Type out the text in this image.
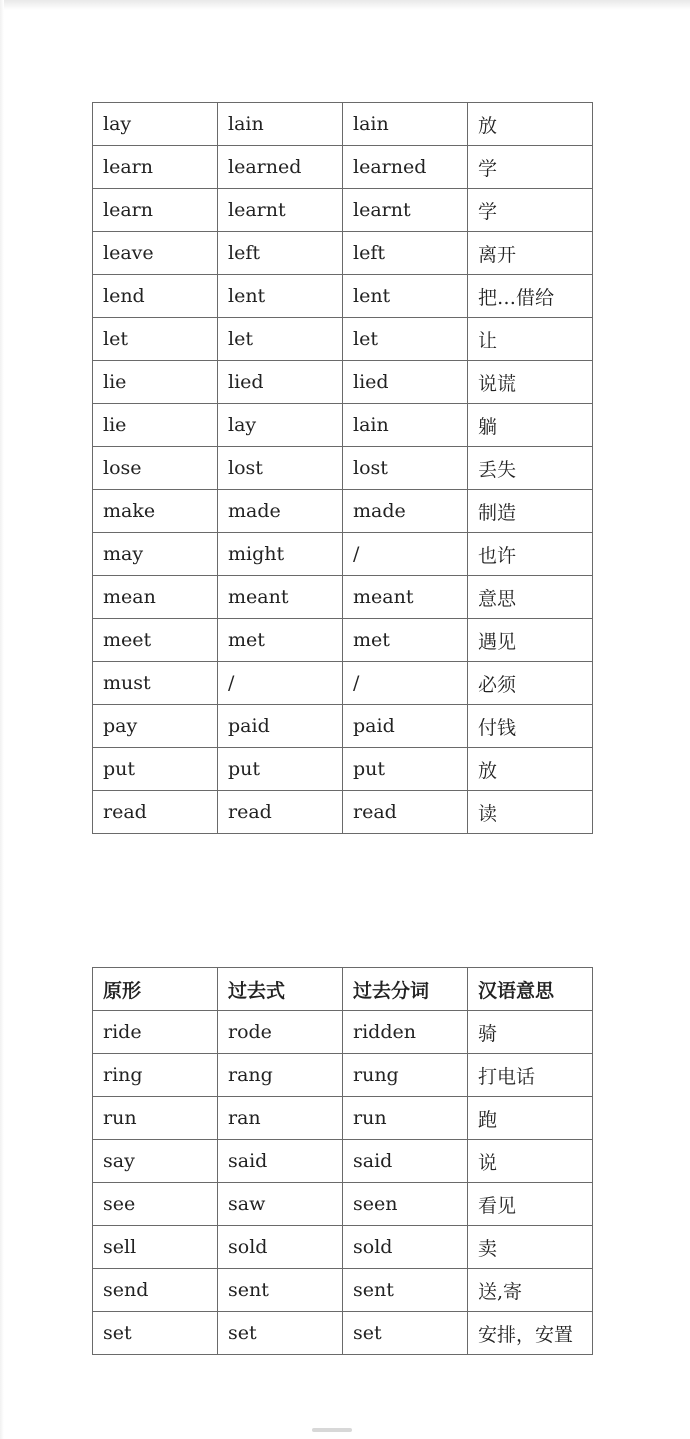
lay	lain	lain	放
learn	learned	learned	学
learn	learnt	learnt	学
leave	left	left	离开
lend	lent	lent	把…借给
let	let	let	让
lie	lied	lied	说谎
lie	lay	lain	躺
lose	lost	lost	丢失
make	made	made	制造
may	might	/	也许
mean	meant	meant	意思
meet	met	met	遇见
must	/	/	必须
pay	paid	paid	付钱
put	put	put	放
read	read	read	读
原形	过去式	过去分词	汉语意思
ride	rode	ridden	骑
ring	rang	rung	打电话
run	ran	run	跑
say	said	said	说
see	saw	seen	看见
sell	sold	sold	卖
send	sent	sent	送,寄
set	set	set	安排，安置
